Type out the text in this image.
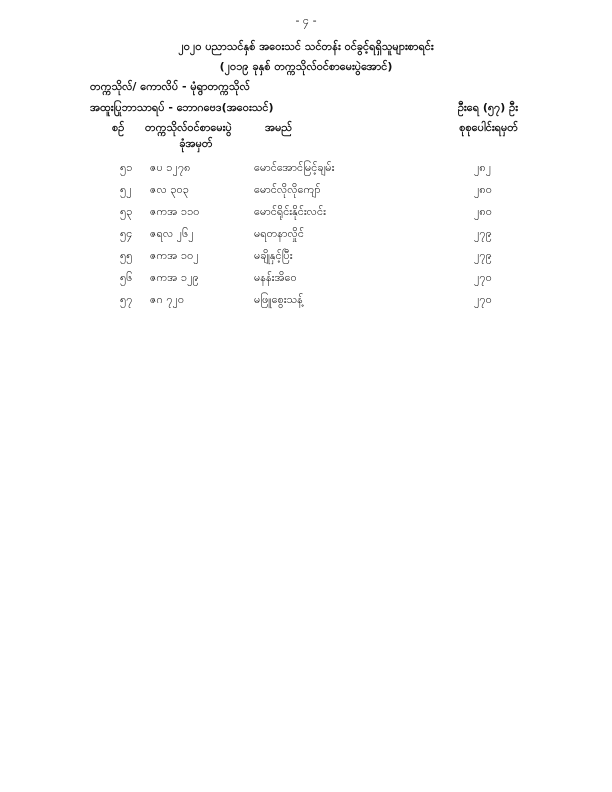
- ၄ -
၂၀၂၀ ပညာသင်နှစ် အဝေးသင် သင်တန်း ဝင်ခွင့်ရရှိသူများစာရင်း
(၂၀၁၉ ခုနှစ် တက္ကသိုလ်ဝင်စာမေးပွဲအောင်)
တက္ကသိုလ်/ ကောလိပ် - မုံရွာတက္ကသိုလ်
အထူးပြုဘာသာရပ် - ဘောဂဗေဒ(အဝေးသင်)	ဦးရေ (၅၇) ဦး
စဉ် တက္ကသိုလ်ဝင်စာမေးပွဲ
ခုံအမှတ်
အမည်	စုစုပေါင်းရမှတ်
၅၁ ဇပ ၁၂၇၈	မောင်အောင်မြင့်ချမ်း	၂၈၂
၅၂ ဇလ ၃၀၃	မောင်လိုလိုကျော်	၂၈၀
၅၃ ဇကအ ၁၁၀	မောင်ရိုင်းနိုင်းလင်း	၂၈၀
၅၄ ဇရလ ၂၆၂	မရတနာလှိုင်	၂၇၉
၅၅ ဇကအ ၁၀၂	မချိုနှင့်ပြီး	၂၇၉
၅၆ ဇကအ ၁၂၉	မနန်းအိဝေ	၂၇၀
၅၇ ဇဂ ၇၂၀	မဖြူစွေးသန့်	၂၇၀
